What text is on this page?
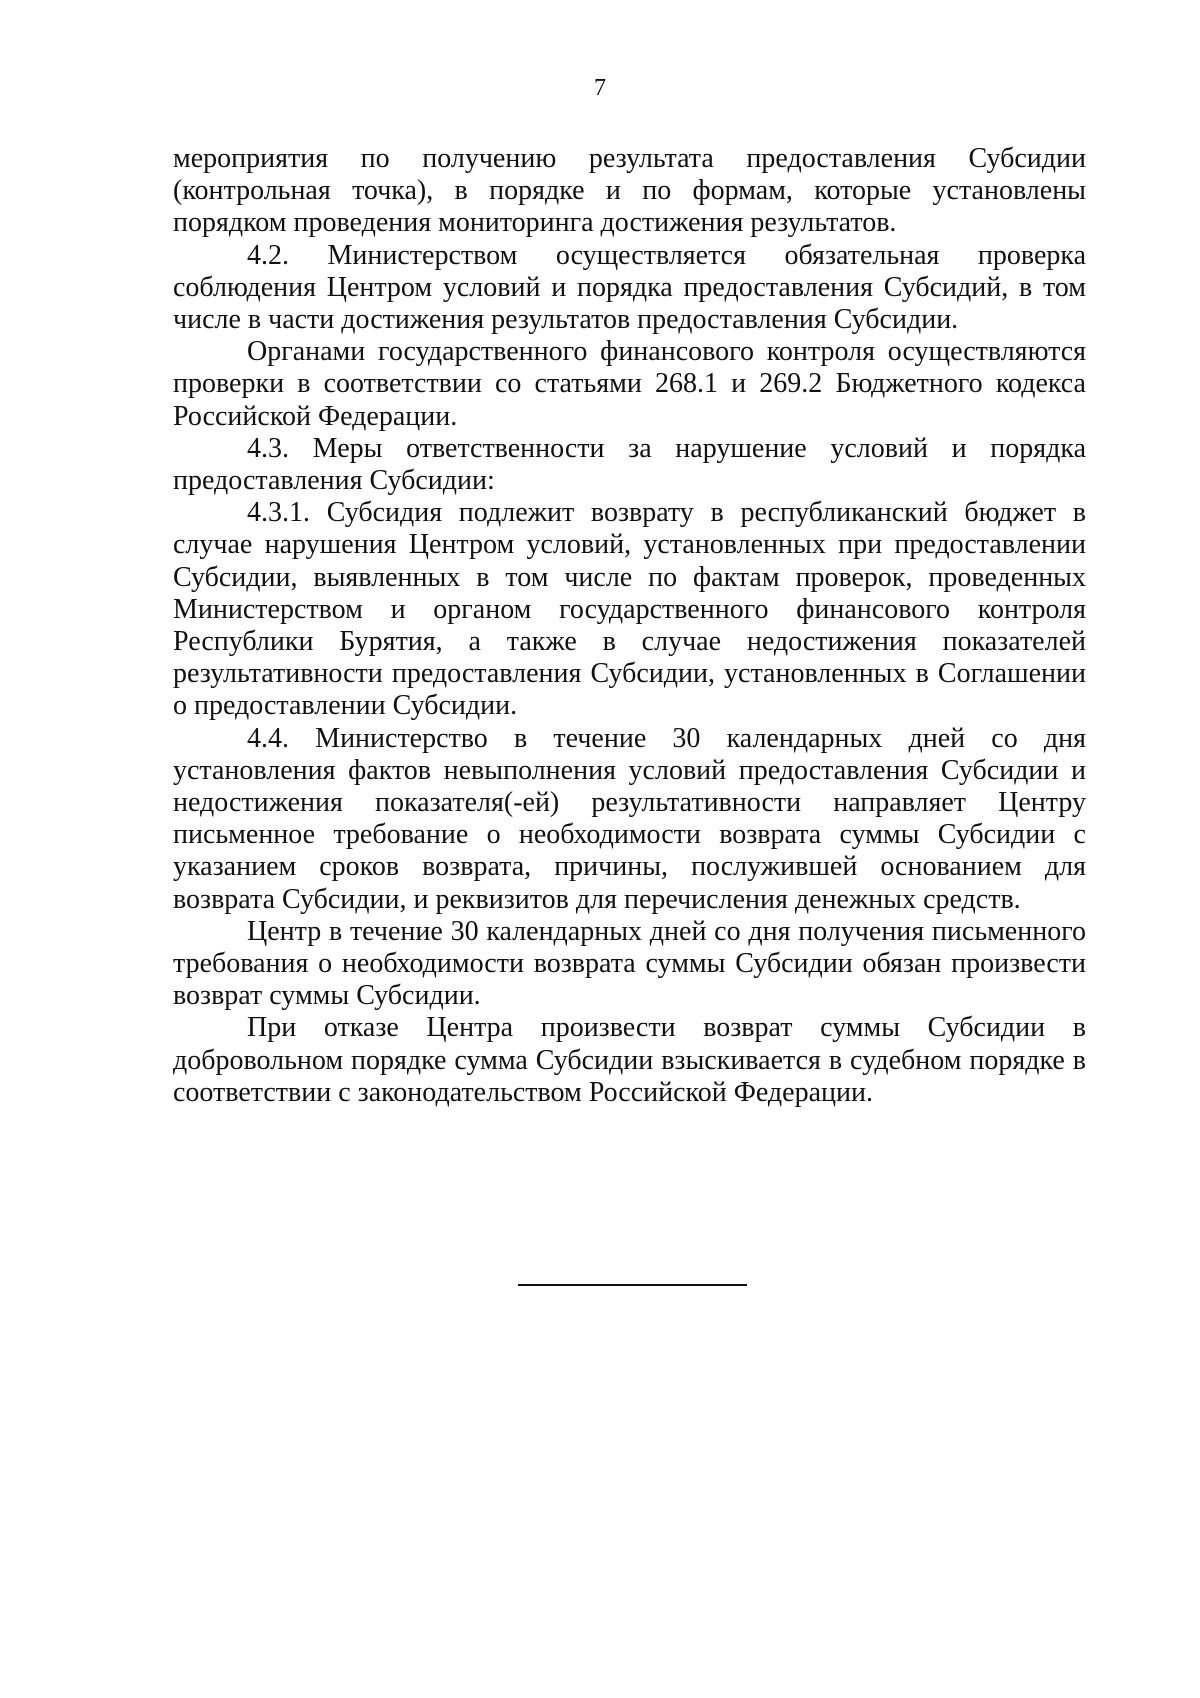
7

мероприятия по получению результата предоставления Субсидии (контрольная точка), в порядке и по формам, которые установлены порядком проведения мониторинга достижения результатов.

4.2. Министерством осуществляется обязательная проверка соблюдения Центром условий и порядка предоставления Субсидий, в том числе в части достижения результатов предоставления Субсидии.

Органами государственного финансового контроля осуществляются проверки в соответствии со статьями 268.1 и 269.2 Бюджетного кодекса Российской Федерации.

4.3. Меры ответственности за нарушение условий и порядка предоставления Субсидии:

4.3.1. Субсидия подлежит возврату в республиканский бюджет в случае нарушения Центром условий, установленных при предоставлении Субсидии, выявленных в том числе по фактам проверок, проведенных Министерством и органом государственного финансового контроля Республики Бурятия, а также в случае недостижения показателей результативности предоставления Субсидии, установленных в Соглашении о предоставлении Субсидии.

4.4. Министерство в течение 30 календарных дней со дня установления фактов невыполнения условий предоставления Субсидии и недостижения показателя(-ей) результативности направляет Центру письменное требование о необходимости возврата суммы Субсидии с указанием сроков возврата, причины, послужившей основанием для возврата Субсидии, и реквизитов для перечисления денежных средств.

Центр в течение 30 календарных дней со дня получения письменного требования о необходимости возврата суммы Субсидии обязан произвести возврат суммы Субсидии.

При отказе Центра произвести возврат суммы Субсидии в добровольном порядке сумма Субсидии взыскивается в судебном порядке в соответствии с законодательством Российской Федерации.
